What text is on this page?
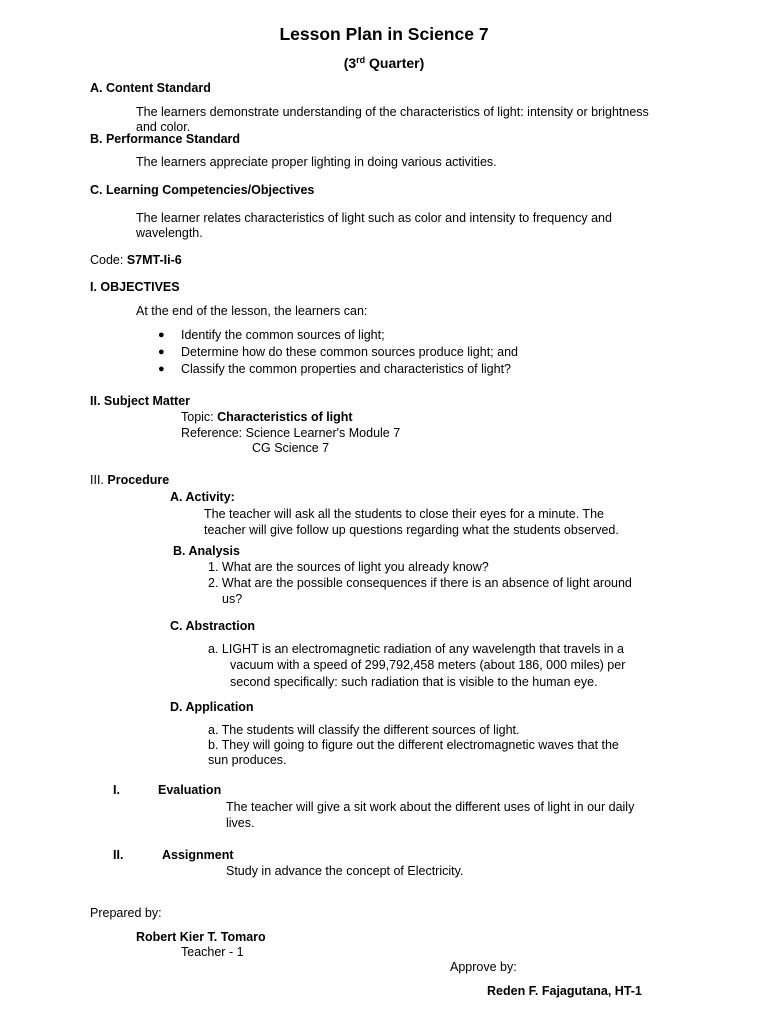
Lesson Plan in Science 7
(3rd Quarter)
A. Content Standard
The learners demonstrate understanding of the characteristics of light: intensity or brightness and color.
B. Performance Standard
The learners appreciate proper lighting in doing various activities.
C. Learning Competencies/Objectives
The learner relates characteristics of light such as color and intensity to frequency and wavelength.
Code: S7MT-Ii-6
I. OBJECTIVES
At the end of the lesson, the learners can:
● Identify the common sources of light;
● Determine how do these common sources produce light; and
● Classify the common properties and characteristics of light?
II. Subject Matter
Topic: Characteristics of light
Reference: Science Learner's Module 7
CG Science 7
III. Procedure
A. Activity:
The teacher will ask all the students to close their eyes for a minute. The
teacher will give follow up questions regarding what the students observed.
B. Analysis
1. What are the sources of light you already know?
2. What are the possible consequences if there is an absence of light around
us?
C. Abstraction
a. LIGHT is an electromagnetic radiation of any wavelength that travels in a
vacuum with a speed of 299,792,458 meters (about 186, 000 miles) per
second specifically: such radiation that is visible to the human eye.
D. Application
a. The students will classify the different sources of light.
b. They will going to figure out the different electromagnetic waves that the
sun produces.
I.	Evaluation
The teacher will give a sit work about the different uses of light in our daily
lives.
II.	Assignment
Study in advance the concept of Electricity.
Prepared by:
Robert Kier T. Tomaro
Teacher - 1
Approve by:
Reden F. Fajagutana, HT-1
